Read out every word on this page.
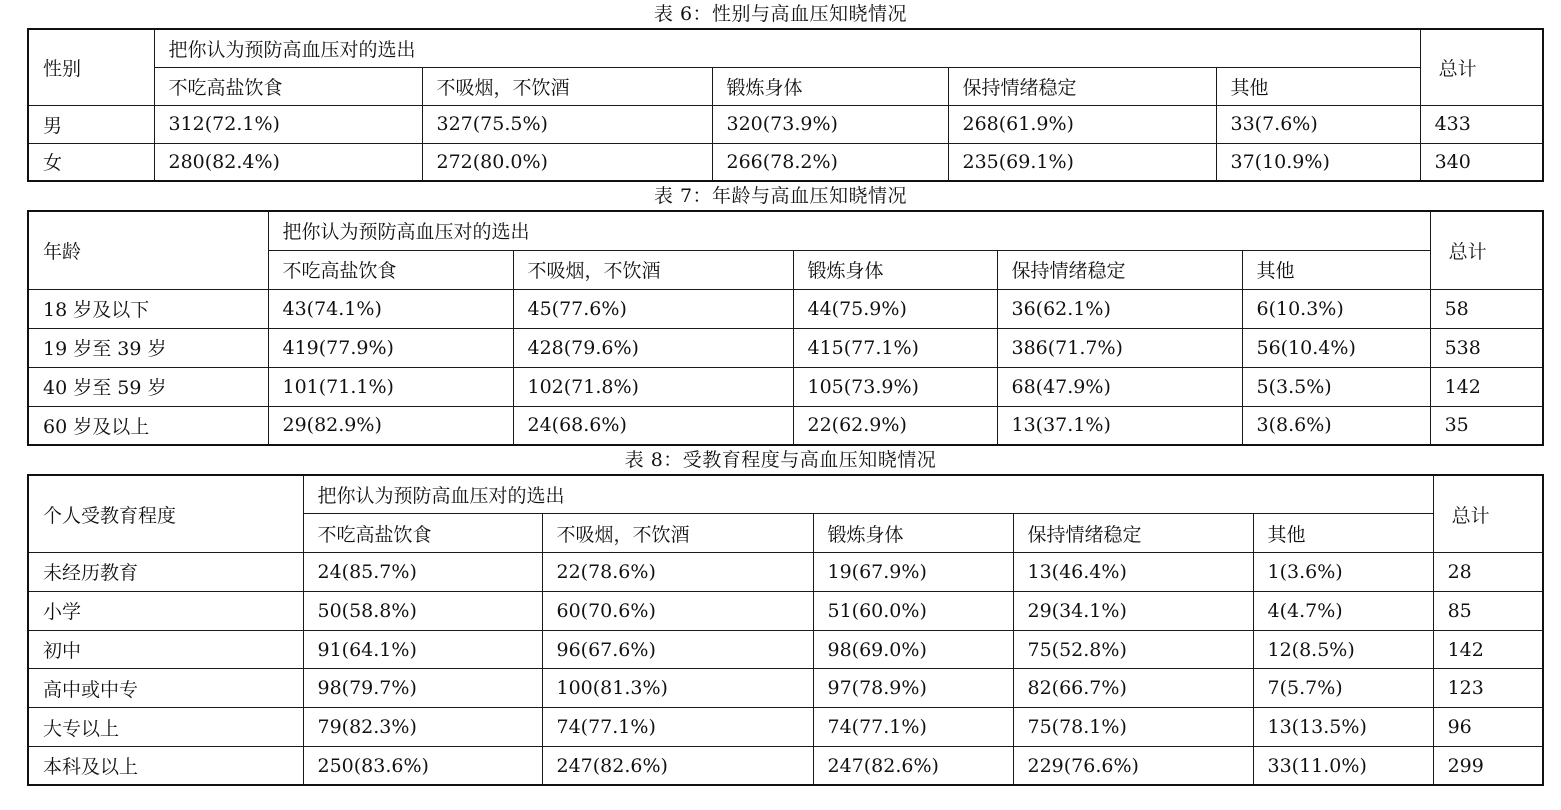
表 6：性别与高血压知晓情况
性别	把你认为预防高血压对的选出					总计
	不吃高盐饮食	不吸烟，不饮酒	锻炼身体	保持情绪稳定	其他	
男	312(72.1%)	327(75.5%)	320(73.9%)	268(61.9%)	33(7.6%)	433
女	280(82.4%)	272(80.0%)	266(78.2%)	235(69.1%)	37(10.9%)	340
表 7：年龄与高血压知晓情况
年龄	把你认为预防高血压对的选出					总计
	不吃高盐饮食	不吸烟，不饮酒	锻炼身体	保持情绪稳定	其他	
18 岁及以下	43(74.1%)	45(77.6%)	44(75.9%)	36(62.1%)	6(10.3%)	58
19 岁至 39 岁	419(77.9%)	428(79.6%)	415(77.1%)	386(71.7%)	56(10.4%)	538
40 岁至 59 岁	101(71.1%)	102(71.8%)	105(73.9%)	68(47.9%)	5(3.5%)	142
60 岁及以上	29(82.9%)	24(68.6%)	22(62.9%)	13(37.1%)	3(8.6%)	35
表 8：受教育程度与高血压知晓情况
个人受教育程度	把你认为预防高血压对的选出					总计
	不吃高盐饮食	不吸烟，不饮酒	锻炼身体	保持情绪稳定	其他	
未经历教育	24(85.7%)	22(78.6%)	19(67.9%)	13(46.4%)	1(3.6%)	28
小学	50(58.8%)	60(70.6%)	51(60.0%)	29(34.1%)	4(4.7%)	85
初中	91(64.1%)	96(67.6%)	98(69.0%)	75(52.8%)	12(8.5%)	142
高中或中专	98(79.7%)	100(81.3%)	97(78.9%)	82(66.7%)	7(5.7%)	123
大专以上	79(82.3%)	74(77.1%)	74(77.1%)	75(78.1%)	13(13.5%)	96
本科及以上	250(83.6%)	247(82.6%)	247(82.6%)	229(76.6%)	33(11.0%)	299
